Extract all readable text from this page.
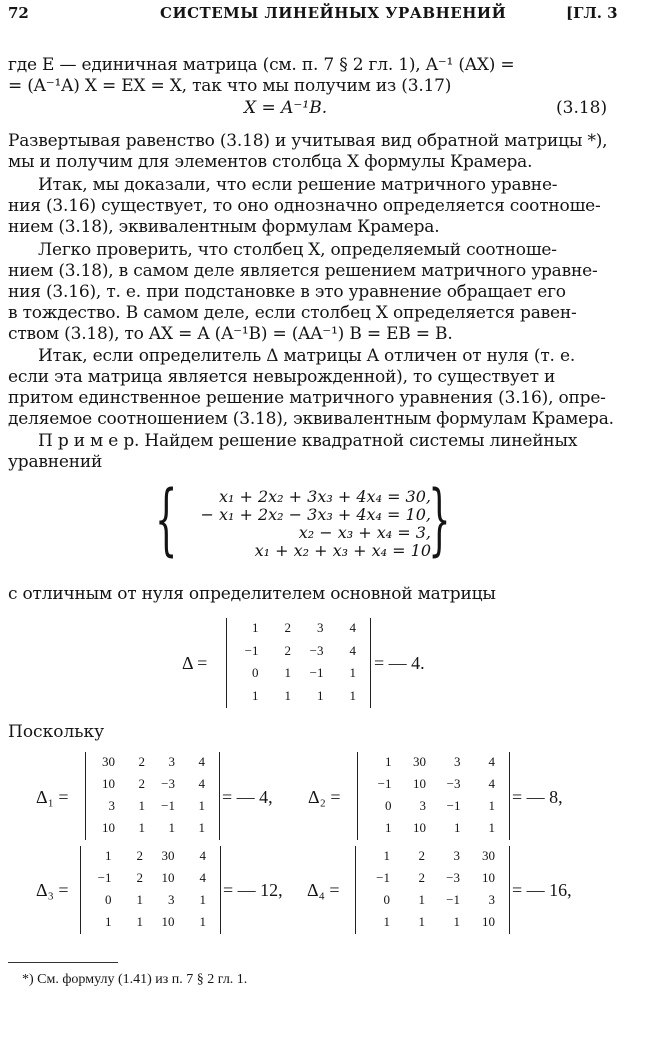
72	СИСТЕМЫ ЛИНЕЙНЫХ УРАВНЕНИЙ	[ГЛ. 3
где E — единичная матрица (см. п. 7 § 2 гл. 1), A⁻¹ (AX) =
= (A⁻¹A) X = EX = X, так что мы получим из (3.17)
X = A⁻¹B.	(3.18)
Развертывая равенство (3.18) и учитывая вид обратной матрицы *),
мы и получим для элементов столбца X формулы Крамера.
Итак, мы доказали, что если решение матричного уравне-
ния (3.16) существует, то оно однозначно определяется соотноше-
нием (3.18), эквивалентным формулам Крамера.
Легко проверить, что столбец X, определяемый соотноше-
нием (3.18), в самом деле является решением матричного уравне-
ния (3.16), т. е. при подстановке в это уравнение обращает его
в тождество. В самом деле, если столбец X определяется равен-
ством (3.18), то AX = A (A⁻¹B) = (AA⁻¹) B = EB = B.
Итак, если определитель Δ матрицы A отличен от нуля (т. е.
если эта матрица является невырожденной), то существует и
притом единственное решение матричного уравнения (3.16), опре-
деляемое соотношением (3.18), эквивалентным формулам Крамера.
П р и м е р. Найдем решение квадратной системы линейных
уравнений
{	}
x₁ + 2x₂ + 3x₃ + 4x₄ = 30,
− x₁ + 2x₂ − 3x₃ + 4x₄ = 10,
x₂ − x₃ + x₄ = 3,
x₁ + x₂ + x₃ + x₄ = 10
с отличным от нуля определителем основной матрицы
Δ =
1	2	3	4
−1	2	−3	4
0	1	−1	1
1	1	1	1
= — 4.
Поскольку
Δ₁ =
30	2	3	4
10	2	−3	4
3	1	−1	1
10	1	1	1
= — 4, Δ₂ =
1	30	3	4
−1	10	−3	4
0	3	−1	1
1	10	1	1
= — 8,
Δ₃ =
1	2	30	4
−1	2	10	4
0	1	3	1
1	1	10	1
= — 12, Δ₄ =
1	2	3	30
−1	2	−3	10
0	1	−1	3
1	1	1	10
= — 16,
*) См. формулу (1.41) из п. 7 § 2 гл. 1.
